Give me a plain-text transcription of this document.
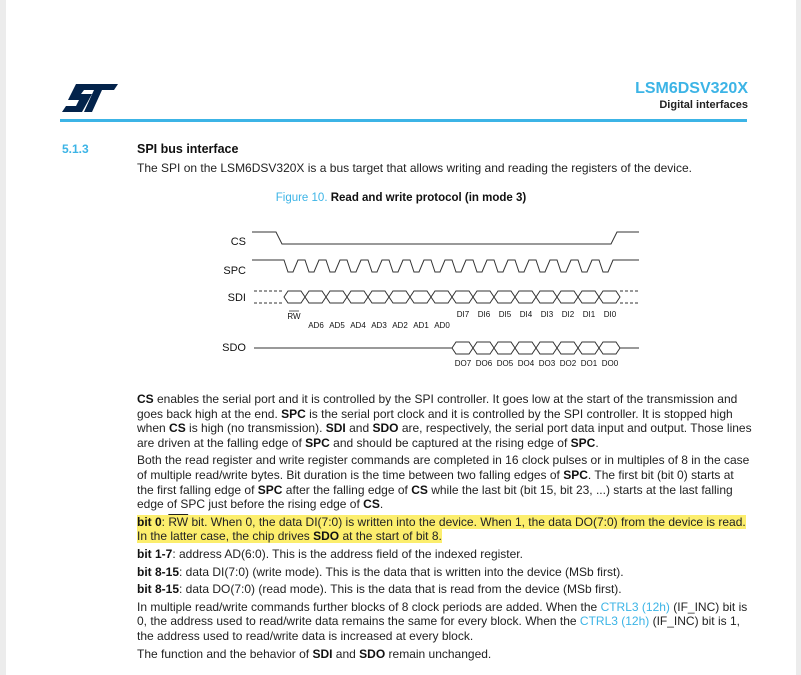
LSM6DSV320X
Digital interfaces
5.1.3	SPI bus interface
The SPI on the LSM6DSV320X is a bus target that allows writing and reading the registers of the device.
Figure 10. Read and write protocol (in mode 3)
CS
SPC
SDI
SDO
RW
AD6 AD5 AD4 AD3 AD2 AD1 AD0
DI7 DI6 DI5 DI4 DI3 DI2 DI1 DI0
DO7 DO6 DO5 DO4 DO3 DO2 DO1 DO0

CS enables the serial port and it is controlled by the SPI controller. It goes low at the start of the transmission and goes back high at the end. SPC is the serial port clock and it is controlled by the SPI controller. It is stopped high when CS is high (no transmission). SDI and SDO are, respectively, the serial port data input and output. Those lines are driven at the falling edge of SPC and should be captured at the rising edge of SPC.

Both the read register and write register commands are completed in 16 clock pulses or in multiples of 8 in the case of multiple read/write bytes. Bit duration is the time between two falling edges of SPC. The first bit (bit 0) starts at the first falling edge of SPC after the falling edge of CS while the last bit (bit 15, bit 23, ...) starts at the last falling edge of SPC just before the rising edge of CS.

bit 0: $\overline{RW}$ bit. When 0, the data DI(7:0) is written into the device. When 1, the data DO(7:0) from the device is read. In the latter case, the chip drives SDO at the start of bit 8.

bit 1-7: address AD(6:0). This is the address field of the indexed register.

bit 8-15: data DI(7:0) (write mode). This is the data that is written into the device (MSb first).

bit 8-15: data DO(7:0) (read mode). This is the data that is read from the device (MSb first).

In multiple read/write commands further blocks of 8 clock periods are added. When the CTRL3 (12h) (IF_INC) bit is 0, the address used to read/write data remains the same for every block. When the CTRL3 (12h) (IF_INC) bit is 1, the address used to read/write data is increased at every block.

The function and the behavior of SDI and SDO remain unchanged.
